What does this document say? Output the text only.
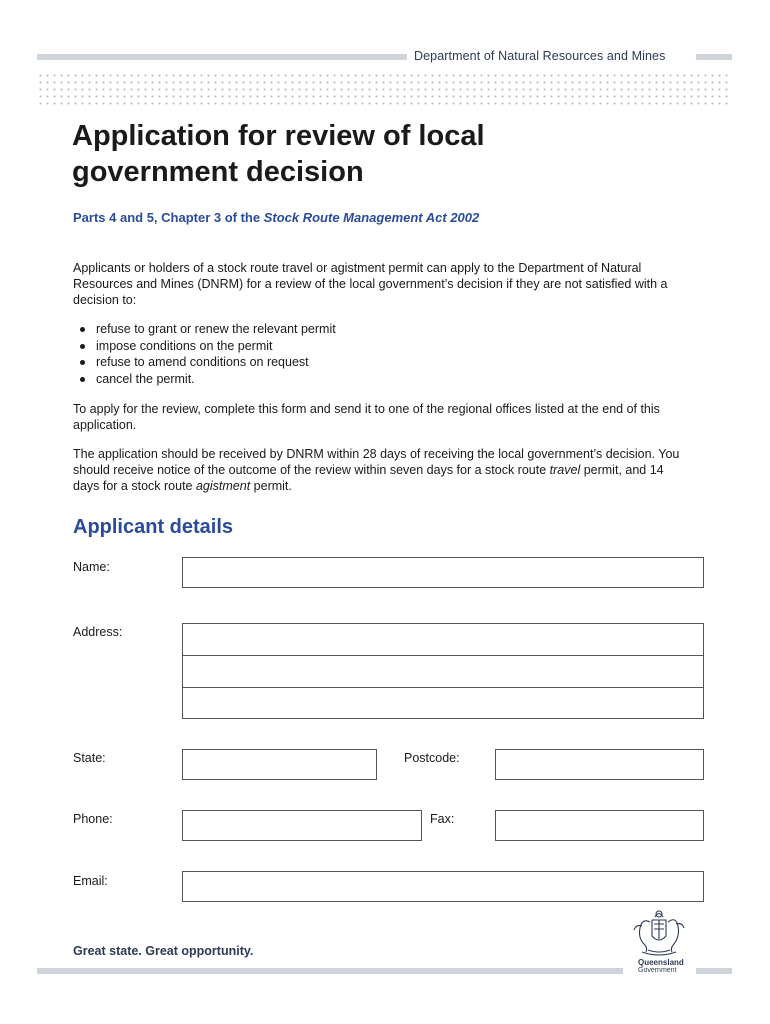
Department of Natural Resources and Mines
Application for review of local
government decision

Parts 4 and 5, Chapter 3 of the Stock Route Management Act 2002

Applicants or holders of a stock route travel or agistment permit can apply to the Department of Natural Resources and Mines (DNRM) for a review of the local government’s decision if they are not satisfied with a decision to:

refuse to grant or renew the relevant permit
impose conditions on the permit
refuse to amend conditions on request
cancel the permit.

To apply for the review, complete this form and send it to one of the regional offices listed at the end of this application.

The application should be received by DNRM within 28 days of receiving the local government’s decision. You should receive notice of the outcome of the review within seven days for a stock route travel permit, and 14 days for a stock route agistment permit.

Applicant details
Name:
Address:
State:	Postcode:
Phone:	Fax:
Email:
Great state. Great opportunity.
Queensland
Government
